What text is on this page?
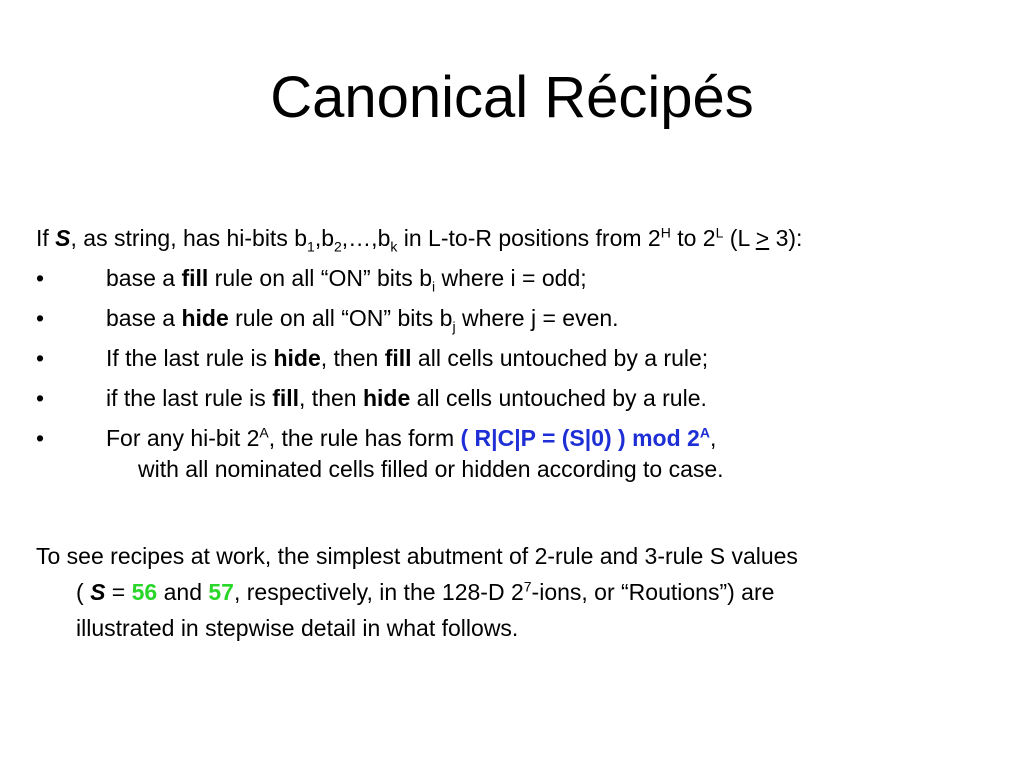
Canonical Récipés
If S, as string, has hi-bits $b_1,b_2,\dots,b_k$ in L-to-R positions from $2^H$ to $2^L$ (L ≥ 3):
•	base a fill rule on all “ON” bits $b_i$ where i = odd;
•	base a hide rule on all “ON” bits $b_j$ where j = even.
•	If the last rule is hide, then fill all cells untouched by a rule;
•	if the last rule is fill, then hide all cells untouched by a rule.
•	For any hi-bit $2^A$, the rule has form ( R|C|P = (S|0) ) mod $2^A$,
with all nominated cells filled or hidden according to case.
To see recipes at work, the simplest abutment of 2-rule and 3-rule S values
( S = 56 and 57, respectively, in the 128-D $2^7$-ions, or “Routions”) are
illustrated in stepwise detail in what follows.
